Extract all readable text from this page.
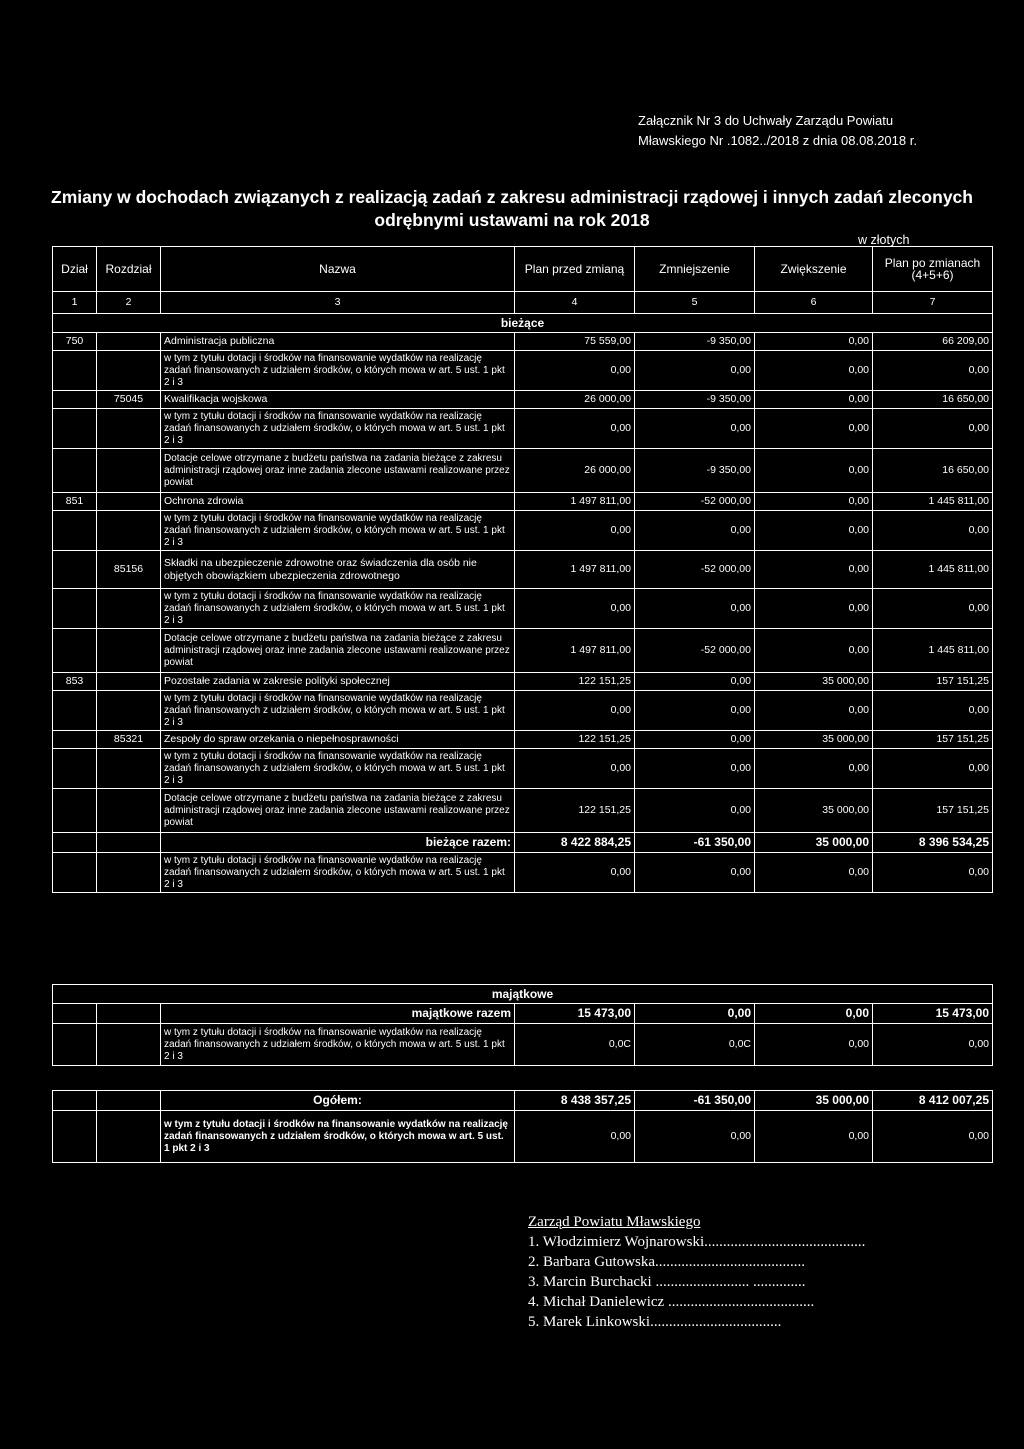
Załącznik Nr 3 do Uchwały Zarządu Powiatu
Mławskiego Nr .1082../2018 z dnia 08.08.2018 r.
Zmiany w dochodach związanych z realizacją zadań z zakresu administracji rządowej i innych zadań zleconych
odrębnymi ustawami na rok 2018
w złotych
Dział	Rozdział	Nazwa	Plan przed zmianą	Zmniejszenie	Zwiększenie	Plan po zmianach (4+5+6)
1	2	3	4	5	6	7
bieżące						
750		Administracja publiczna	75 559,00	-9 350,00	0,00	66 209,00
		w tym z tytułu dotacji i środków na finansowanie wydatków na realizację zadań finansowanych z udziałem środków, o których mowa w art. 5 ust. 1 pkt 2 i 3	0,00	0,00	0,00	0,00
	75045	Kwalifikacja wojskowa	26 000,00	-9 350,00	0,00	16 650,00
		w tym z tytułu dotacji i środków na finansowanie wydatków na realizację zadań finansowanych z udziałem środków, o których mowa w art. 5 ust. 1 pkt 2 i 3	0,00	0,00	0,00	0,00
		Dotacje celowe otrzymane z budżetu państwa na zadania bieżące z zakresu administracji rządowej oraz inne zadania zlecone ustawami realizowane przez powiat	26 000,00	-9 350,00	0,00	16 650,00
851		Ochrona zdrowia	1 497 811,00	-52 000,00	0,00	1 445 811,00
		w tym z tytułu dotacji i środków na finansowanie wydatków na realizację zadań finansowanych z udziałem środków, o których mowa w art. 5 ust. 1 pkt 2 i 3	0,00	0,00	0,00	0,00
	85156	Składki na ubezpieczenie zdrowotne oraz świadczenia dla osób nie objętych obowiązkiem ubezpieczenia zdrowotnego	1 497 811,00	-52 000,00	0,00	1 445 811,00
		w tym z tytułu dotacji i środków na finansowanie wydatków na realizację zadań finansowanych z udziałem środków, o których mowa w art. 5 ust. 1 pkt 2 i 3	0,00	0,00	0,00	0,00
		Dotacje celowe otrzymane z budżetu państwa na zadania bieżące z zakresu administracji rządowej oraz inne zadania zlecone ustawami realizowane przez powiat	1 497 811,00	-52 000,00	0,00	1 445 811,00
853		Pozostałe zadania w zakresie polityki społecznej	122 151,25	0,00	35 000,00	157 151,25
		w tym z tytułu dotacji i środków na finansowanie wydatków na realizację zadań finansowanych z udziałem środków, o których mowa w art. 5 ust. 1 pkt 2 i 3	0,00	0,00	0,00	0,00
	85321	Zespoły do spraw orzekania o niepełnosprawności	122 151,25	0,00	35 000,00	157 151,25
		w tym z tytułu dotacji i środków na finansowanie wydatków na realizację zadań finansowanych z udziałem środków, o których mowa w art. 5 ust. 1 pkt 2 i 3	0,00	0,00	0,00	0,00
		Dotacje celowe otrzymane z budżetu państwa na zadania bieżące z zakresu administracji rządowej oraz inne zadania zlecone ustawami realizowane przez powiat	122 151,25	0,00	35 000,00	157 151,25
		bieżące razem:	8 422 884,25	-61 350,00	35 000,00	8 396 534,25
		w tym z tytułu dotacji i środków na finansowanie wydatków na realizację zadań finansowanych z udziałem środków, o których mowa w art. 5 ust. 1 pkt 2 i 3	0,00	0,00	0,00	0,00
majątkowe						
		majątkowe razem	15 473,00	0,00	0,00	15 473,00
		w tym z tytułu dotacji i środków na finansowanie wydatków na realizację zadań finansowanych z udziałem środków, o których mowa w art. 5 ust. 1 pkt 2 i 3	0,0C	0,0C	0,00	0,00
		Ogółem:	8 438 357,25	-61 350,00	35 000,00	8 412 007,25
		w tym z tytułu dotacji i środków na finansowanie wydatków na realizację zadań finansowanych z udziałem środków, o których mowa w art. 5 ust. 1 pkt 2 i 3	0,00	0,00	0,00	0,00
Zarząd Powiatu Mławskiego
1. Włodzimierz Wojnarowski...........................................
2. Barbara Gutowska........................................
3. Marcin Burchacki ......................... ..............
4. Michał Danielewicz .......................................
5. Marek Linkowski...................................
